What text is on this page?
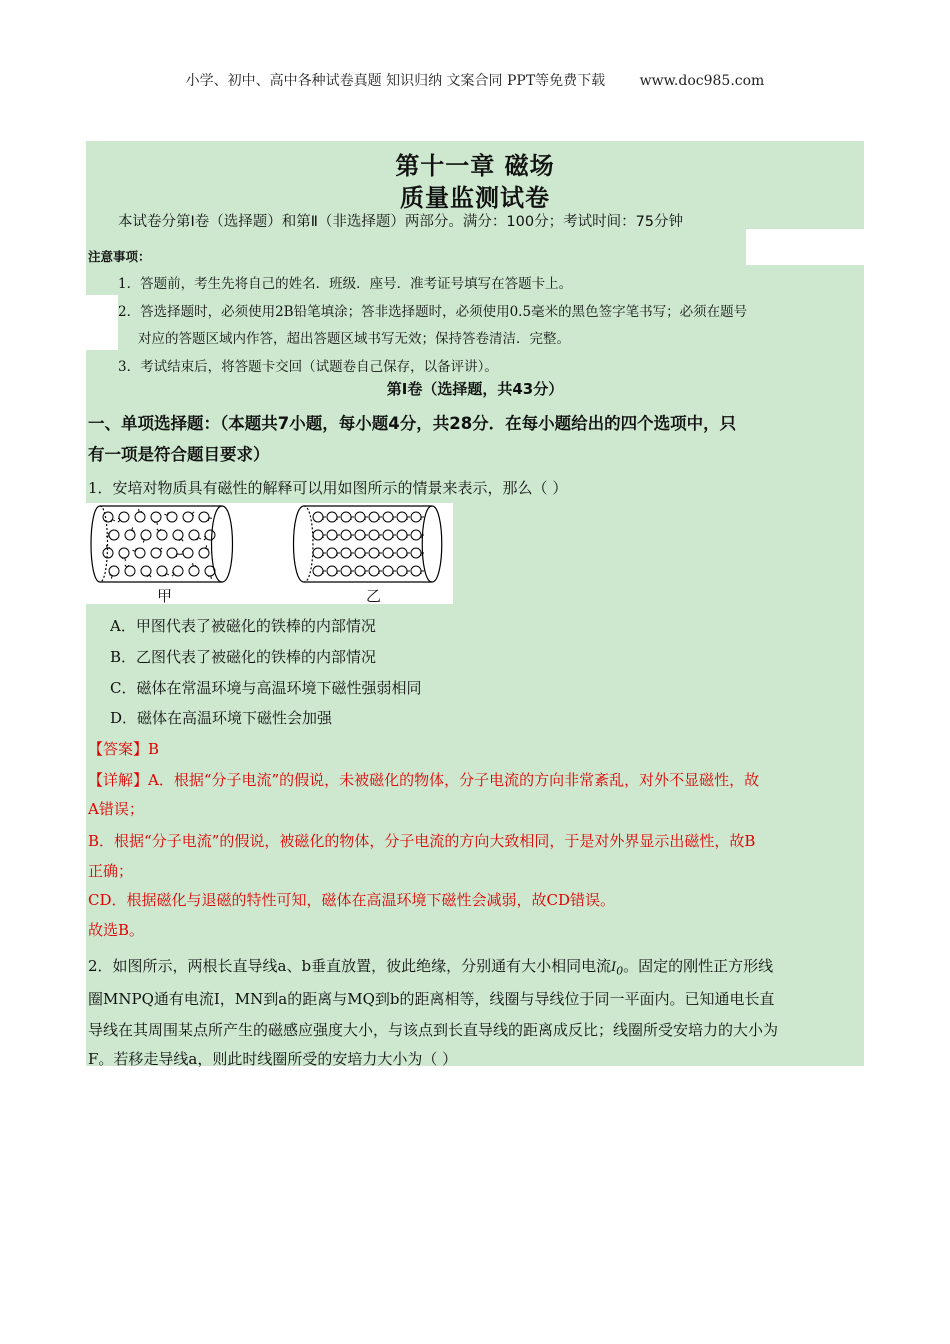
小学、初中、高中各种试卷真题 知识归纳 文案合同 PPT等免费下载 www.doc985.com
第十一章 磁场
质量监测试卷
本试卷分第Ⅰ卷（选择题）和第Ⅱ（非选择题）两部分。满分：100分；考试时间：75分钟
注意事项：
1．答题前，考生先将自己的姓名．班级．座号．准考证号填写在答题卡上。
2．答选择题时，必须使用2B铅笔填涂；答非选择题时，必须使用0.5毫米的黑色签字笔书写；必须在题号
对应的答题区域内作答，超出答题区域书写无效；保持答卷清洁．完整。
3．考试结束后，将答题卡交回（试题卷自己保存，以备评讲）。
第Ⅰ卷（选择题，共43分）
一、单项选择题：（本题共7小题，每小题4分，共28分．在每小题给出的四个选项中，只
有一项是符合题目要求）
1．安培对物质具有磁性的解释可以用如图所示的情景来表示，那么（ ）
甲	乙
A．甲图代表了被磁化的铁棒的内部情况
B．乙图代表了被磁化的铁棒的内部情况
C．磁体在常温环境与高温环境下磁性强弱相同
D．磁体在高温环境下磁性会加强
【答案】B
【详解】A．根据“分子电流”的假说，未被磁化的物体，分子电流的方向非常紊乱，对外不显磁性，故
A错误；
B．根据“分子电流”的假说，被磁化的物体，分子电流的方向大致相同，于是对外界显示出磁性，故B
正确；
CD．根据磁化与退磁的特性可知，磁体在高温环境下磁性会减弱，故CD错误。
故选B。
2．如图所示，两根长直导线a、b垂直放置，彼此绝缘，分别通有大小相同电流$I_0$。固定的刚性正方形线
圈MNPQ通有电流I，MN到a的距离与MQ到b的距离相等，线圈与导线位于同一平面内。已知通电长直
导线在其周围某点所产生的磁感应强度大小，与该点到长直导线的距离成反比；线圈所受安培力的大小为
F。若移走导线a，则此时线圈所受的安培力大小为（ ）
